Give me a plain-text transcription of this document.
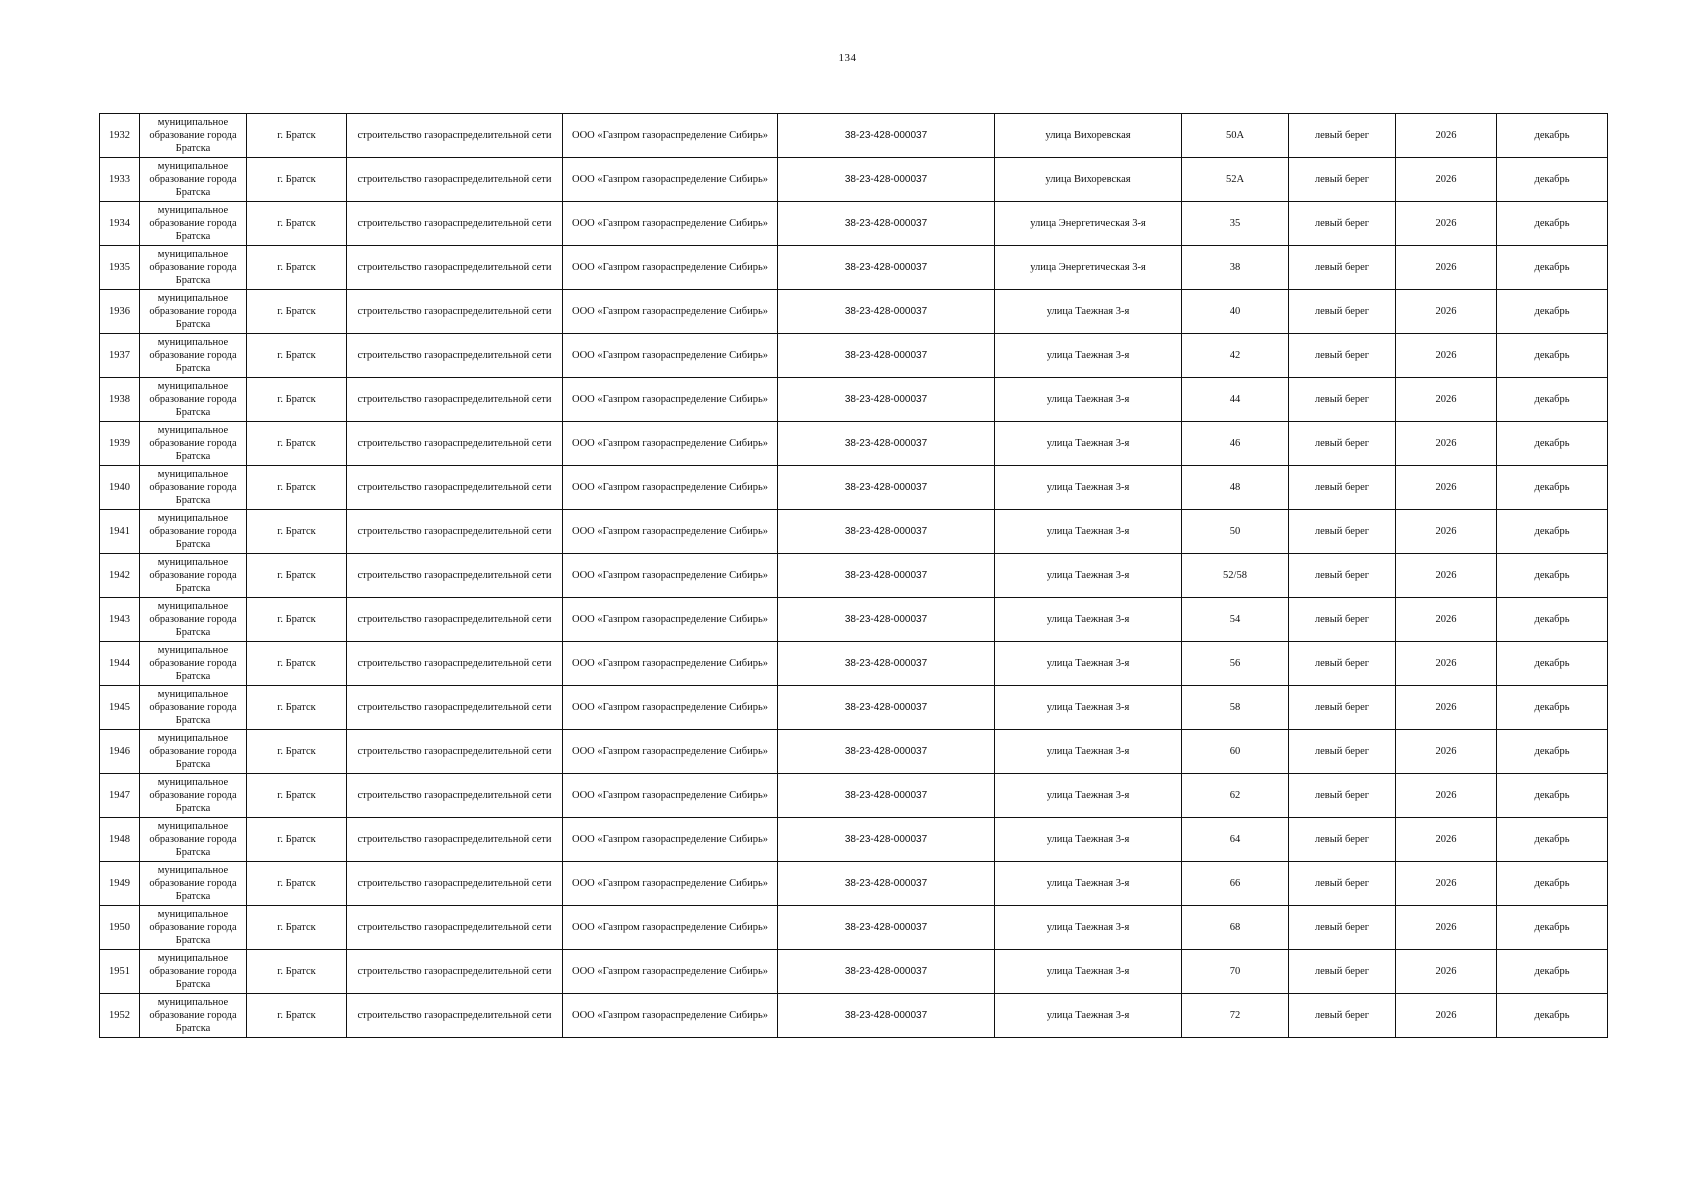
134
1932	муниципальное образование города Братска	г. Братск	строительство газораспределительной сети	ООО «Газпром газораспределение Сибирь»	38-23-428-000037	улица Вихоревская	50А	левый берег	2026	декабрь
1933	муниципальное образование города Братска	г. Братск	строительство газораспределительной сети	ООО «Газпром газораспределение Сибирь»	38-23-428-000037	улица Вихоревская	52А	левый берег	2026	декабрь
1934	муниципальное образование города Братска	г. Братск	строительство газораспределительной сети	ООО «Газпром газораспределение Сибирь»	38-23-428-000037	улица Энергетическая 3-я	35	левый берег	2026	декабрь
1935	муниципальное образование города Братска	г. Братск	строительство газораспределительной сети	ООО «Газпром газораспределение Сибирь»	38-23-428-000037	улица Энергетическая 3-я	38	левый берег	2026	декабрь
1936	муниципальное образование города Братска	г. Братск	строительство газораспределительной сети	ООО «Газпром газораспределение Сибирь»	38-23-428-000037	улица Таежная 3-я	40	левый берег	2026	декабрь
1937	муниципальное образование города Братска	г. Братск	строительство газораспределительной сети	ООО «Газпром газораспределение Сибирь»	38-23-428-000037	улица Таежная 3-я	42	левый берег	2026	декабрь
1938	муниципальное образование города Братска	г. Братск	строительство газораспределительной сети	ООО «Газпром газораспределение Сибирь»	38-23-428-000037	улица Таежная 3-я	44	левый берег	2026	декабрь
1939	муниципальное образование города Братска	г. Братск	строительство газораспределительной сети	ООО «Газпром газораспределение Сибирь»	38-23-428-000037	улица Таежная 3-я	46	левый берег	2026	декабрь
1940	муниципальное образование города Братска	г. Братск	строительство газораспределительной сети	ООО «Газпром газораспределение Сибирь»	38-23-428-000037	улица Таежная 3-я	48	левый берег	2026	декабрь
1941	муниципальное образование города Братска	г. Братск	строительство газораспределительной сети	ООО «Газпром газораспределение Сибирь»	38-23-428-000037	улица Таежная 3-я	50	левый берег	2026	декабрь
1942	муниципальное образование города Братска	г. Братск	строительство газораспределительной сети	ООО «Газпром газораспределение Сибирь»	38-23-428-000037	улица Таежная 3-я	52/58	левый берег	2026	декабрь
1943	муниципальное образование города Братска	г. Братск	строительство газораспределительной сети	ООО «Газпром газораспределение Сибирь»	38-23-428-000037	улица Таежная 3-я	54	левый берег	2026	декабрь
1944	муниципальное образование города Братска	г. Братск	строительство газораспределительной сети	ООО «Газпром газораспределение Сибирь»	38-23-428-000037	улица Таежная 3-я	56	левый берег	2026	декабрь
1945	муниципальное образование города Братска	г. Братск	строительство газораспределительной сети	ООО «Газпром газораспределение Сибирь»	38-23-428-000037	улица Таежная 3-я	58	левый берег	2026	декабрь
1946	муниципальное образование города Братска	г. Братск	строительство газораспределительной сети	ООО «Газпром газораспределение Сибирь»	38-23-428-000037	улица Таежная 3-я	60	левый берег	2026	декабрь
1947	муниципальное образование города Братска	г. Братск	строительство газораспределительной сети	ООО «Газпром газораспределение Сибирь»	38-23-428-000037	улица Таежная 3-я	62	левый берег	2026	декабрь
1948	муниципальное образование города Братска	г. Братск	строительство газораспределительной сети	ООО «Газпром газораспределение Сибирь»	38-23-428-000037	улица Таежная 3-я	64	левый берег	2026	декабрь
1949	муниципальное образование города Братска	г. Братск	строительство газораспределительной сети	ООО «Газпром газораспределение Сибирь»	38-23-428-000037	улица Таежная 3-я	66	левый берег	2026	декабрь
1950	муниципальное образование города Братска	г. Братск	строительство газораспределительной сети	ООО «Газпром газораспределение Сибирь»	38-23-428-000037	улица Таежная 3-я	68	левый берег	2026	декабрь
1951	муниципальное образование города Братска	г. Братск	строительство газораспределительной сети	ООО «Газпром газораспределение Сибирь»	38-23-428-000037	улица Таежная 3-я	70	левый берег	2026	декабрь
1952	муниципальное образование города Братска	г. Братск	строительство газораспределительной сети	ООО «Газпром газораспределение Сибирь»	38-23-428-000037	улица Таежная 3-я	72	левый берег	2026	декабрь
